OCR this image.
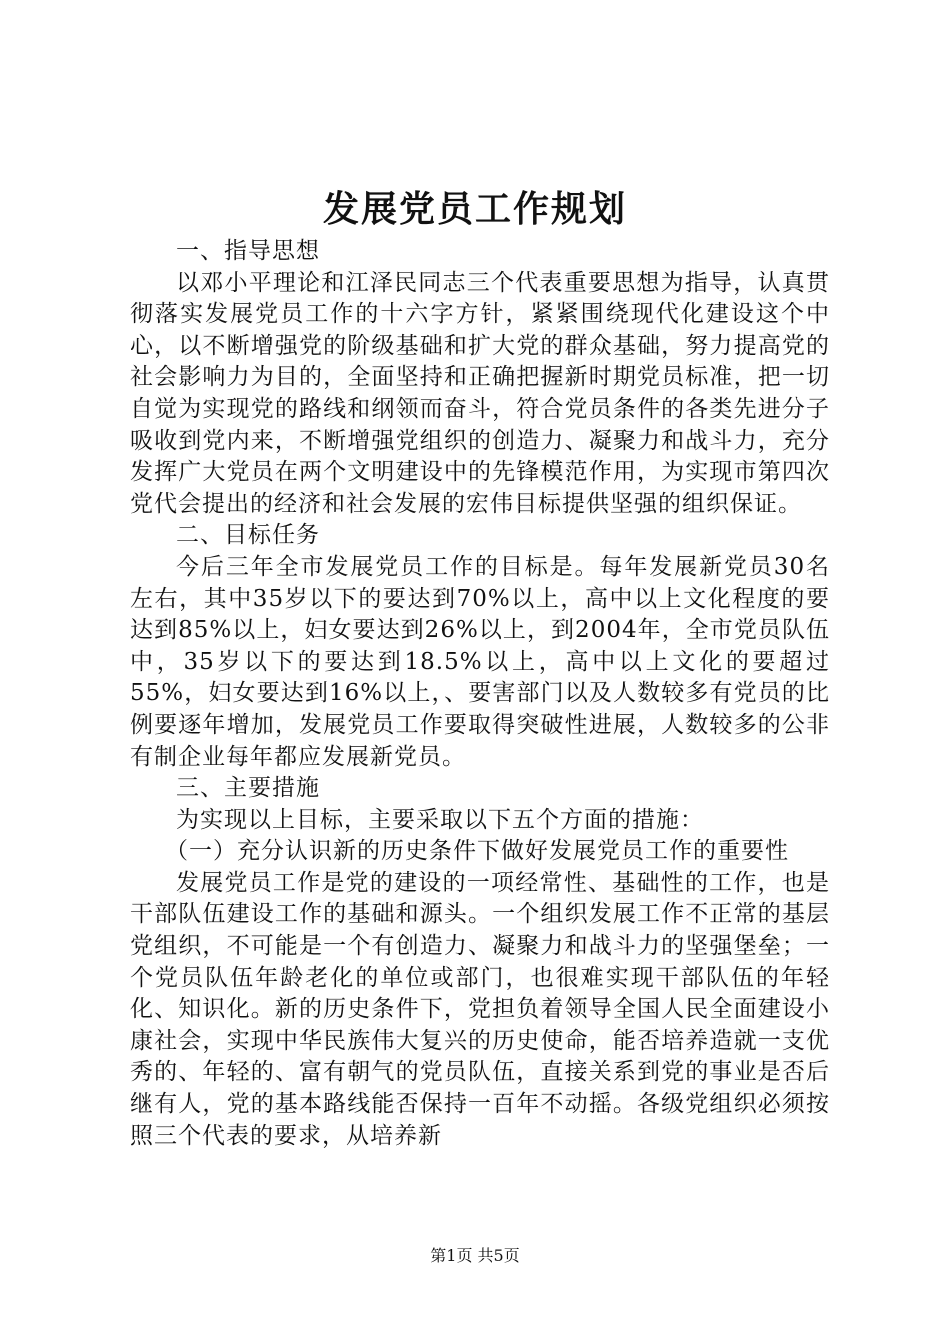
发展党员工作规划

一、指导思想

以邓小平理论和江泽民同志三个代表重要思想为指导，认真贯彻落实发展党员工作的十六字方针，紧紧围绕现代化建设这个中心，以不断增强党的阶级基础和扩大党的群众基础，努力提高党的社会影响力为目的，全面坚持和正确把握新时期党员标准，把一切自觉为实现党的路线和纲领而奋斗，符合党员条件的各类先进分子吸收到党内来，不断增强党组织的创造力、凝聚力和战斗力，充分发挥广大党员在两个文明建设中的先锋模范作用，为实现市第四次党代会提出的经济和社会发展的宏伟目标提供坚强的组织保证。

二、目标任务

今后三年全市发展党员工作的目标是。每年发展新党员30名左右，其中35岁以下的要达到70%以上，高中以上文化程度的要达到85%以上，妇女要达到26%以上，到2004年，全市党员队伍中，35岁以下的要达到18.5%以上，高中以上文化的要超过55%，妇女要达到16%以上，、要害部门以及人数较多有党员的比例要逐年增加，发展党员工作要取得突破性进展，人数较多的公非有制企业每年都应发展新党员。

三、主要措施

为实现以上目标，主要采取以下五个方面的措施：

（一）充分认识新的历史条件下做好发展党员工作的重要性

发展党员工作是党的建设的一项经常性、基础性的工作，也是干部队伍建设工作的基础和源头。一个组织发展工作不正常的基层党组织，不可能是一个有创造力、凝聚力和战斗力的坚强堡垒；一个党员队伍年龄老化的单位或部门，也很难实现干部队伍的年轻化、知识化。新的历史条件下，党担负着领导全国人民全面建设小康社会，实现中华民族伟大复兴的历史使命，能否培养造就一支优秀的、年轻的、富有朝气的党员队伍，直接关系到党的事业是否后继有人，党的基本路线能否保持一百年不动摇。各级党组织必须按照三个代表的要求，从培养新

第1页 共5页
